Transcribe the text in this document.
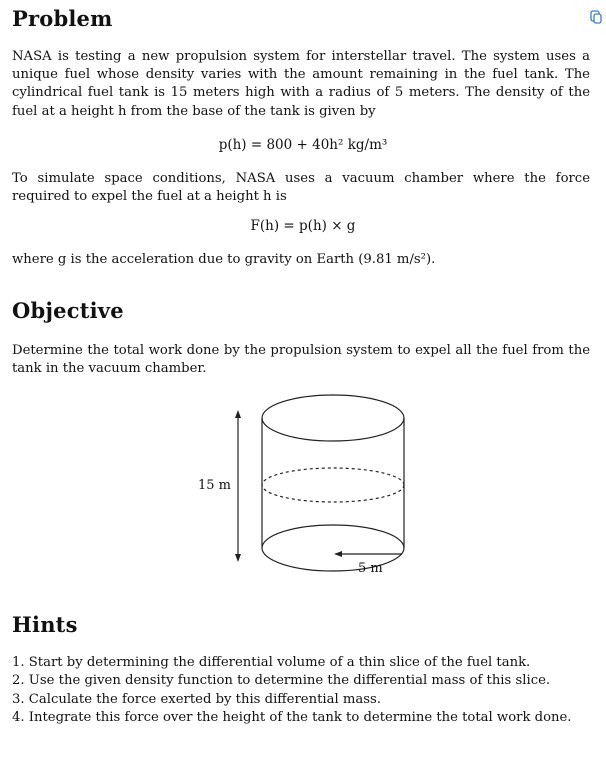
Problem
NASA is testing a new propulsion system for interstellar travel. The system uses a unique fuel whose density varies with the amount remaining in the fuel tank. The cylindrical fuel tank is 15 meters high with a radius of 5 meters. The density of the fuel at a height h from the base of the tank is given by
p(h) = 800 + 40h² kg/m³
To simulate space conditions, NASA uses a vacuum chamber where the force required to expel the fuel at a height h is
F(h) = p(h) × g
where g is the acceleration due to gravity on Earth (9.81 m/s²).
Objective
Determine the total work done by the propulsion system to expel all the fuel from the tank in the vacuum chamber.
15 m
5 m
Hints
1. Start by determining the differential volume of a thin slice of the fuel tank.
2. Use the given density function to determine the differential mass of this slice.
3. Calculate the force exerted by this differential mass.
4. Integrate this force over the height of the tank to determine the total work done.
